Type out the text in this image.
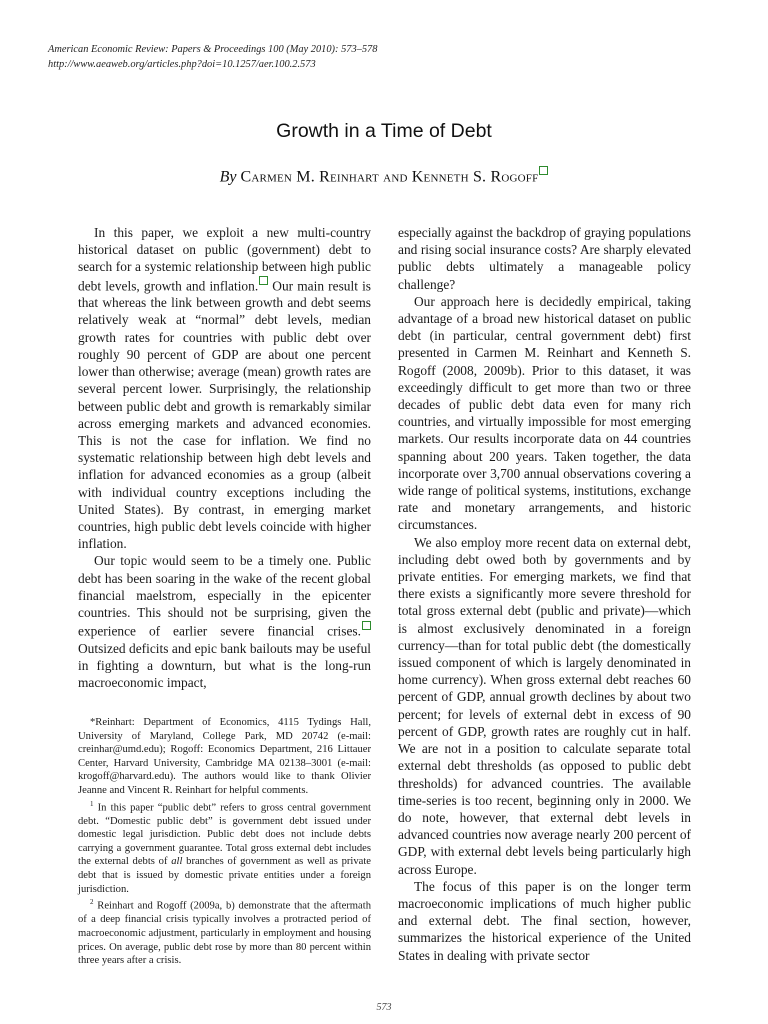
American Economic Review: Papers & Proceedings 100 (May 2010): 573–578
http://www.aeaweb.org/articles.php?doi=10.1257/aer.100.2.573
Growth in a Time of Debt
By Carmen M. Reinhart and Kenneth S. Rogoff

In this paper, we exploit a new multi-country historical dataset on public (government) debt to search for a systemic relationship between high public debt levels, growth and inflation. Our main result is that whereas the link between growth and debt seems relatively weak at “normal” debt levels, median growth rates for countries with public debt over roughly 90 percent of GDP are about one percent lower than otherwise; average (mean) growth rates are several percent lower. Surprisingly, the relationship between public debt and growth is remarkably similar across emerging markets and advanced economies. This is not the case for inflation. We find no systematic relationship between high debt levels and inflation for advanced economies as a group (albeit with individual country exceptions including the United States). By contrast, in emerging market countries, high public debt levels coincide with higher inflation.

Our topic would seem to be a timely one. Public debt has been soaring in the wake of the recent global financial maelstrom, especially in the epicenter countries. This should not be surprising, given the experience of earlier severe financial crises. Outsized deficits and epic bank bailouts may be useful in fighting a downturn, but what is the long-run macroeconomic impact,

especially against the backdrop of graying populations and rising social insurance costs? Are sharply elevated public debts ultimately a manageable policy challenge?

Our approach here is decidedly empirical, taking advantage of a broad new historical dataset on public debt (in particular, central government debt) first presented in Carmen M. Reinhart and Kenneth S. Rogoff (2008, 2009b). Prior to this dataset, it was exceedingly difficult to get more than two or three decades of public debt data even for many rich countries, and virtually impossible for most emerging markets. Our results incorporate data on 44 countries spanning about 200 years. Taken together, the data incorporate over 3,700 annual observations covering a wide range of political systems, institutions, exchange rate and monetary arrangements, and historic circumstances.

We also employ more recent data on external debt, including debt owed both by governments and by private entities. For emerging markets, we find that there exists a significantly more severe threshold for total gross external debt (public and private)—which is almost exclusively denominated in a foreign currency—than for total public debt (the domestically issued component of which is largely denominated in home currency). When gross external debt reaches 60 percent of GDP, annual growth declines by about two percent; for levels of external debt in excess of 90 percent of GDP, growth rates are roughly cut in half. We are not in a position to calculate separate total external debt thresholds (as opposed to public debt thresholds) for advanced countries. The available time-series is too recent, beginning only in 2000. We do note, however, that external debt levels in advanced countries now average nearly 200 percent of GDP, with external debt levels being particularly high across Europe.

The focus of this paper is on the longer term macroeconomic implications of much higher public and external debt. The final section, however, summarizes the historical experience of the United States in dealing with private sector

*Reinhart: Department of Economics, 4115 Tydings Hall, University of Maryland, College Park, MD 20742 (e-mail: creinhar@umd.edu); Rogoff: Economics Department, 216 Littauer Center, Harvard University, Cambridge MA 02138–3001 (e-mail: krogoff@harvard.edu). The authors would like to thank Olivier Jeanne and Vincent R. Reinhart for helpful comments.

$^1$ In this paper “public debt” refers to gross central government debt. “Domestic public debt” is government debt issued under domestic legal jurisdiction. Public debt does not include debts carrying a government guarantee. Total gross external debt includes the external debts of all branches of government as well as private debt that is issued by domestic private entities under a foreign jurisdiction.

$^2$ Reinhart and Rogoff (2009a, b) demonstrate that the aftermath of a deep financial crisis typically involves a protracted period of macroeconomic adjustment, particularly in employment and housing prices. On average, public debt rose by more than 80 percent within three years after a crisis.

573
